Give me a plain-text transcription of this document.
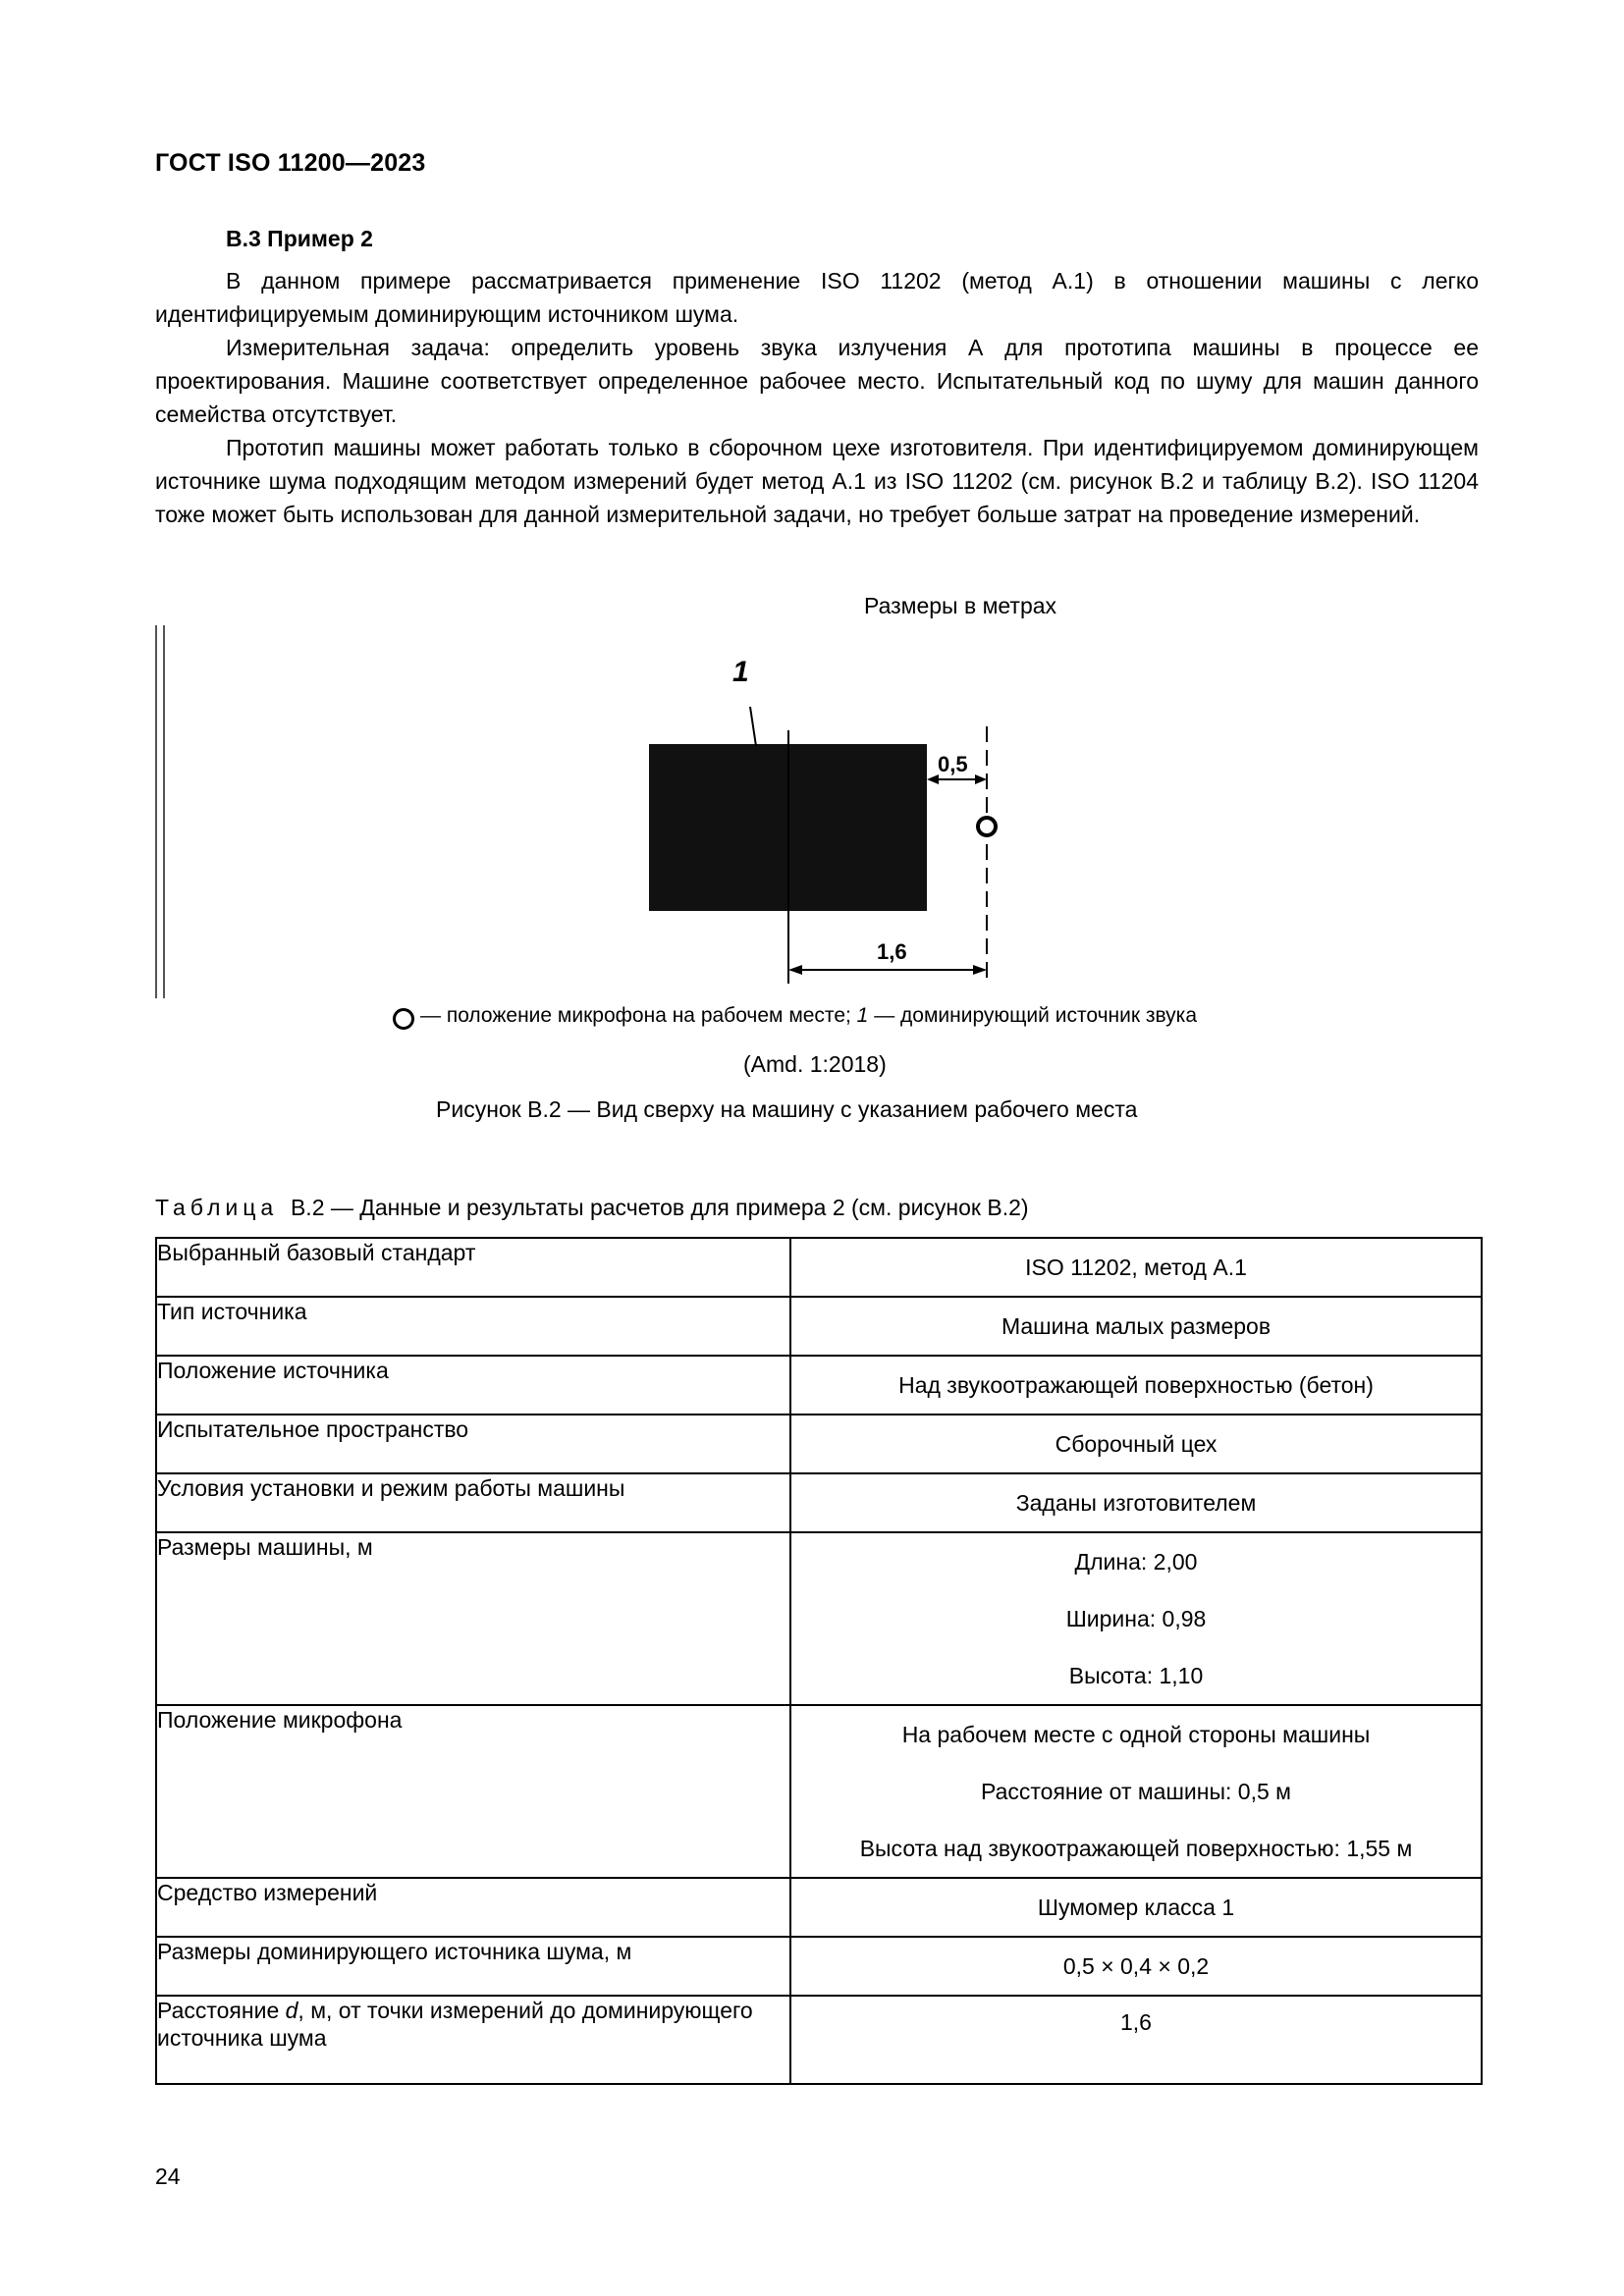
ГОСТ ISO 11200—2023
В.3 Пример 2
В данном примере рассматривается применение ISO 11202 (метод А.1) в отношении машины с легко идентифицируемым доминирующим источником шума.
Измерительная задача: определить уровень звука излучения А для прототипа машины в процессе ее проектирования. Машине соответствует определенное рабочее место. Испытательный код по шуму для машин данного семейства отсутствует.
Прототип машины может работать только в сборочном цехе изготовителя. При идентифицируемом доминирующем источнике шума подходящим методом измерений будет метод А.1 из ISO 11202 (см. рисунок В.2 и таблицу В.2). ISO 11204 тоже может быть использован для данной измерительной задачи, но требует больше затрат на проведение измерений.
Размеры в метрах
1
0,5
1,6
— положение микрофона на рабочем месте;
1
— доминирующий источник звука
(Amd. 1:2018)
Рисунок В.2 — Вид сверху на машину с указанием рабочего места
Таблица В.2 — Данные и результаты расчетов для примера 2 (см. рисунок В.2)
Выбранный базовый стандарт	ISO 11202, метод А.1

Тип источника	Машина малых размеров

Положение источника	Над звукоотражающей поверхностью (бетон)

Испытательное пространство	Сборочный цех

Условия установки и режим работы машины	Заданы изготовителем

Размеры машины, м	Длина: 2,00
Ширина: 0,98
Высота: 1,10

Положение микрофона	На рабочем месте с одной стороны машины
Расстояние от машины: 0,5 м
Высота над звукоотражающей поверхностью: 1,55 м

Средство измерений	Шумомер класса 1

Размеры доминирующего источника шума, м	0,5 × 0,4 × 0,2

Расстояние d, м, от точки измерений до доминирующего источника шума	1,6
24
